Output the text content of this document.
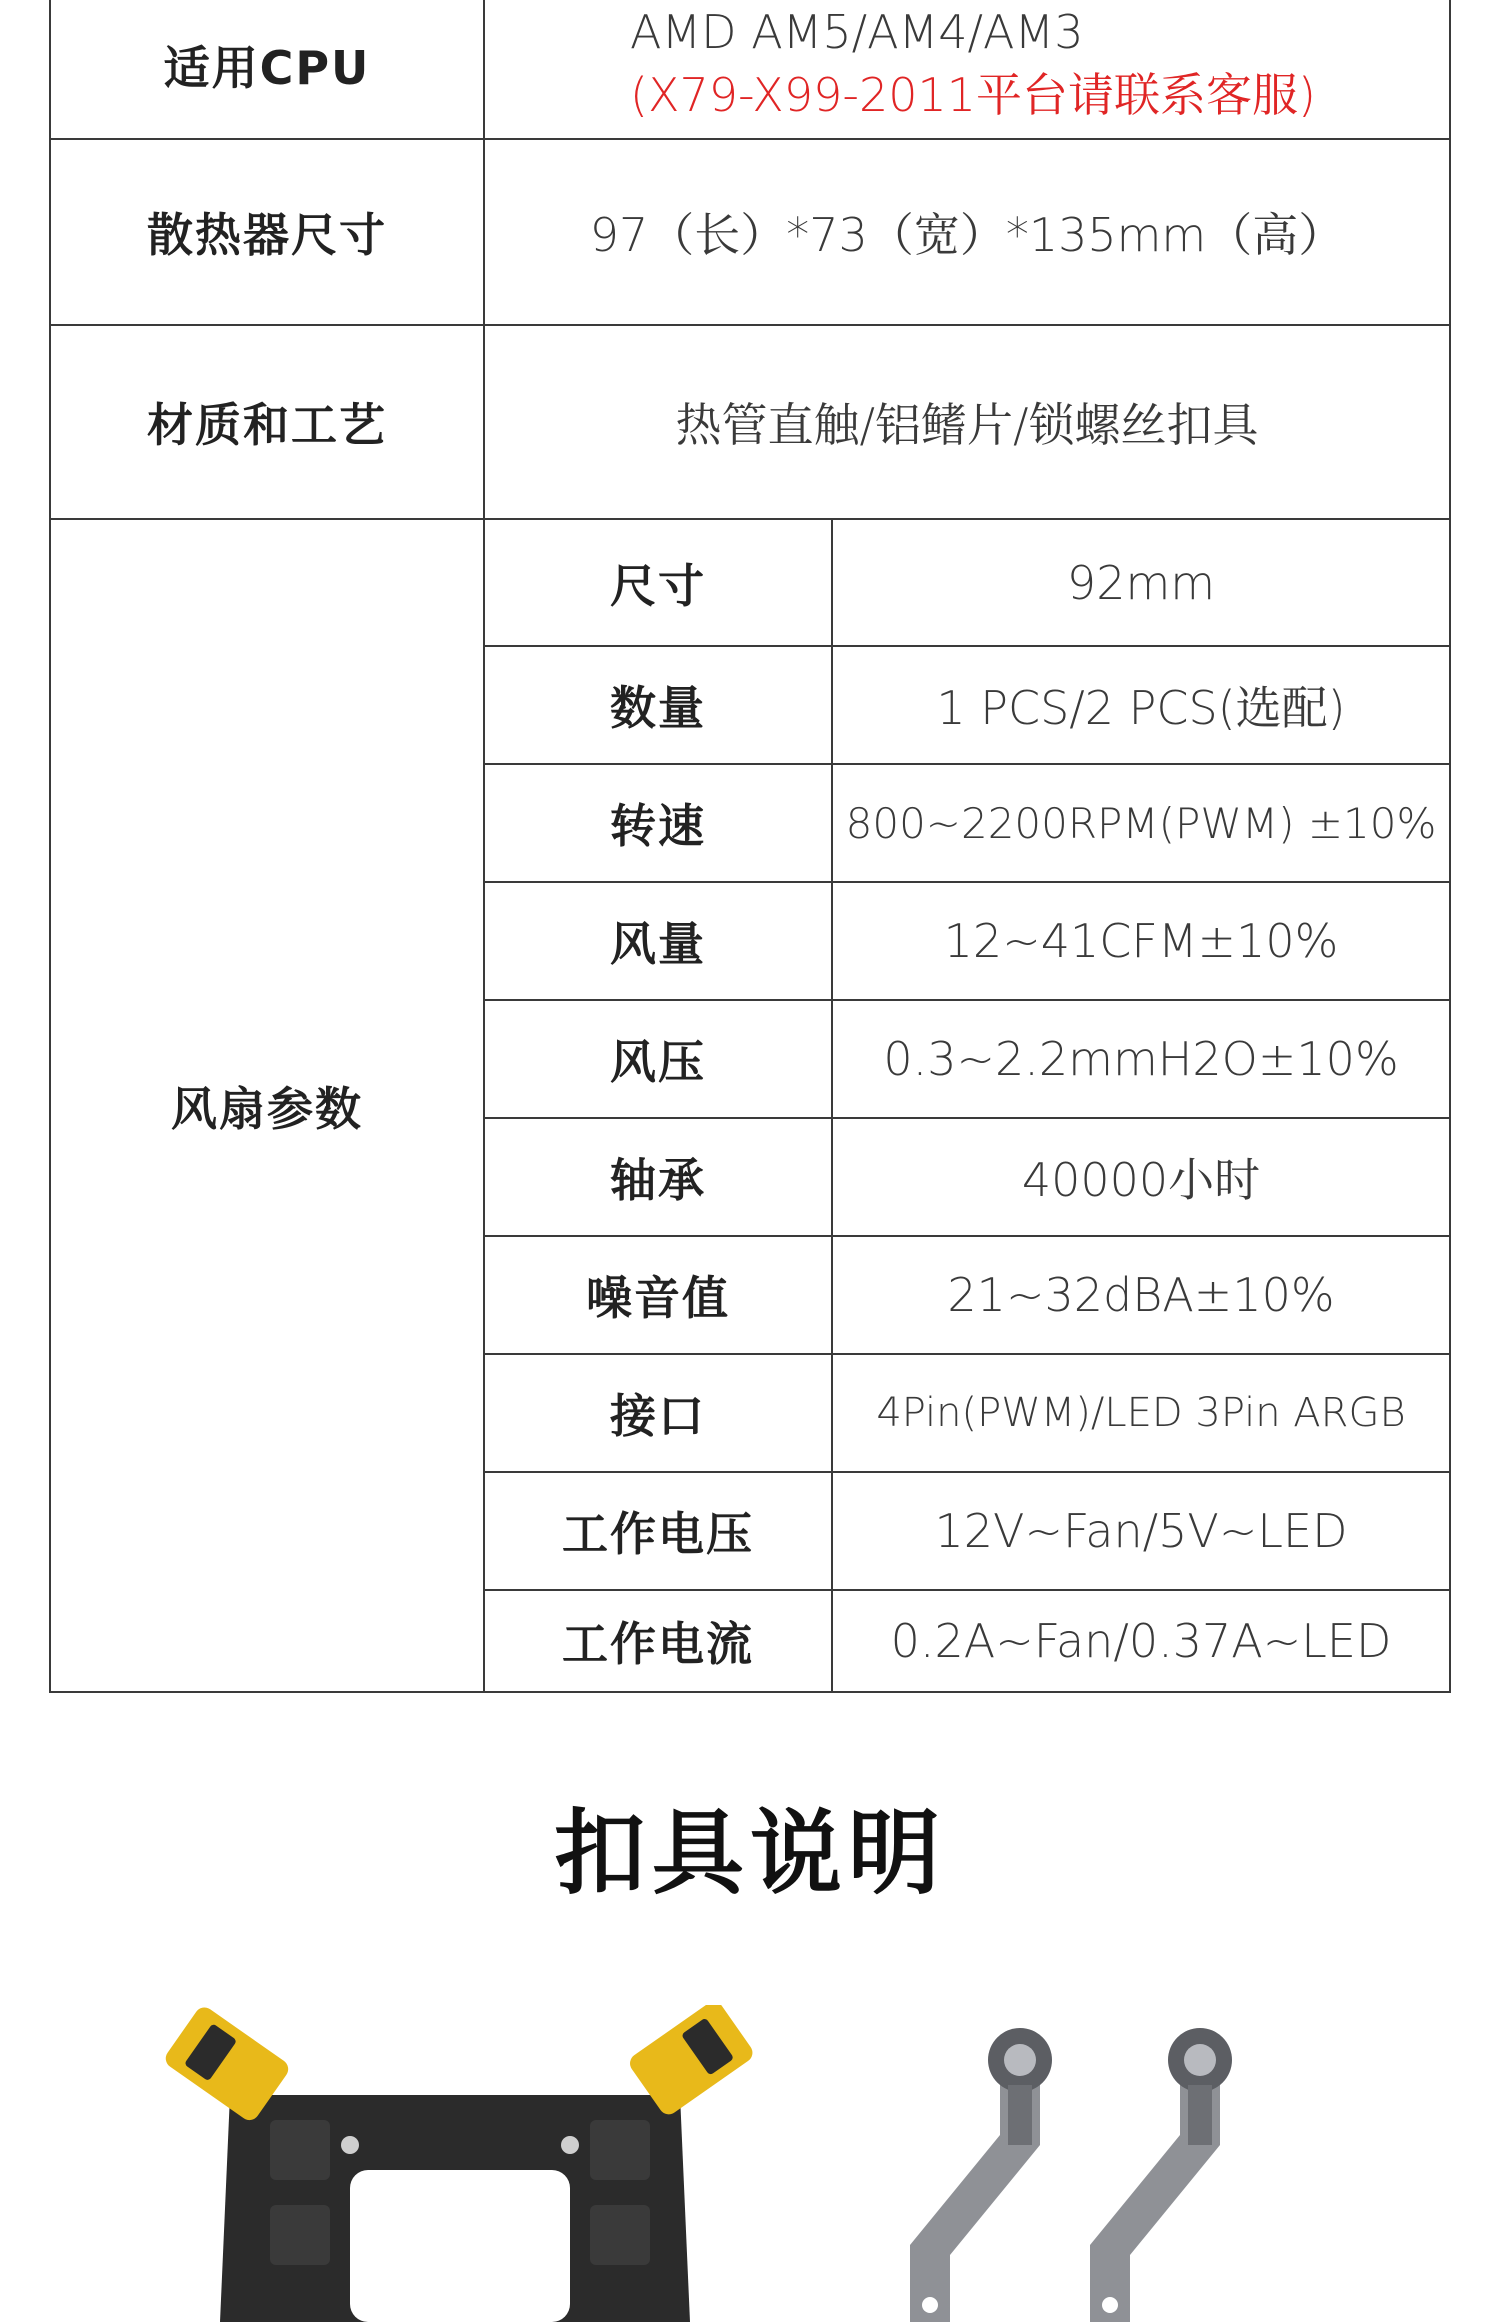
适用CPU	AMD AM5/AM4/AM3
(X79-X99-2011平台请联系客服)	

散热器尺寸	97（长）*73（宽）*135mm（高）	
材质和工艺	热管直触/铝鳍片/锁螺丝扣具	
风扇参数	尺寸	92mm
	数量	1 PCS/2 PCS(选配)
	转速	800~2200RPM(PWM) ±10%
	风量	12~41CFM±10%
	风压	0.3~2.2mmH2O±10%
	轴承	40000小时
	噪音值	21~32dBA±10%
	接口	4Pin(PWM)/LED 3Pin ARGB
	工作电压	12V~Fan/5V~LED
	工作电流	0.2A~Fan/0.37A~LED
扣具说明
